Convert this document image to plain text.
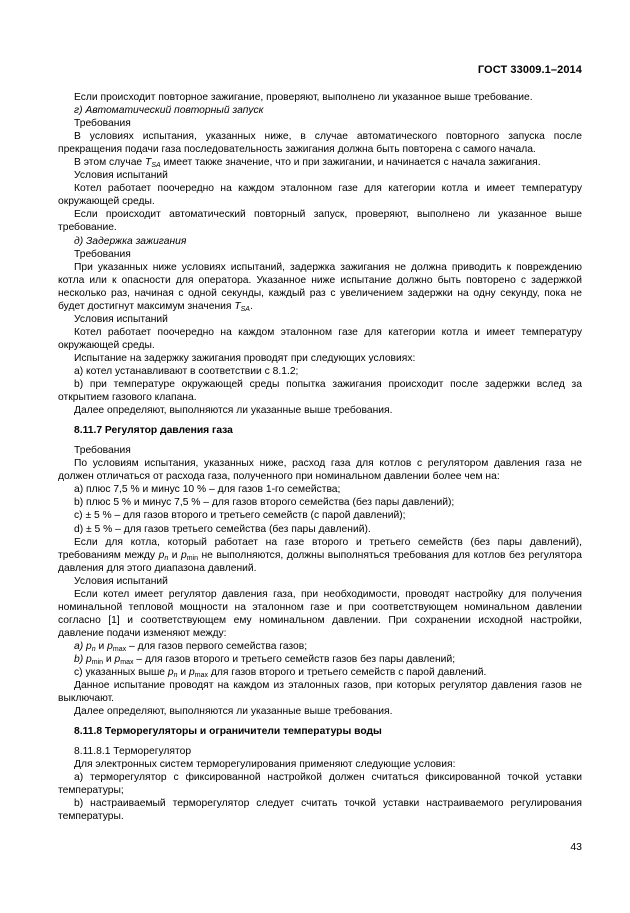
ГОСТ 33009.1–2014

Если происходит повторное зажигание, проверяют, выполнено ли указанное выше требование.

г) Автоматический повторный запуск

Требования

В условиях испытания, указанных ниже, в случае автоматического повторного запуска после прекращения подачи газа последовательность зажигания должна быть повторена с самого начала.

В этом случае $T_{SA}$ имеет также значение, что и при зажигании, и начинается с начала зажигания.

Условия испытаний

Котел работает поочередно на каждом эталонном газе для категории котла и имеет температуру окружающей среды.

Если происходит автоматический повторный запуск, проверяют, выполнено ли указанное выше требование.

д) Задержка зажигания

Требования

При указанных ниже условиях испытаний, задержка зажигания не должна приводить к повреждению котла или к опасности для оператора. Указанное ниже испытание должно быть повторено с задержкой несколько раз, начиная с одной секунды, каждый раз с увеличением задержки на одну секунду, пока не будет достигнут максимум значения $T_{SA}$.

Условия испытаний

Котел работает поочередно на каждом эталонном газе для категории котла и имеет температуру окружающей среды.

Испытание на задержку зажигания проводят при следующих условиях:

a) котел устанавливают в соответствии с 8.1.2;

b) при температуре окружающей среды попытка зажигания происходит после задержки вслед за открытием газового клапана.

Далее определяют, выполняются ли указанные выше требования.

8.11.7 Регулятор давления газа

Требования

По условиям испытания, указанных ниже, расход газа для котлов с регулятором давления газа не должен отличаться от расхода газа, полученного при номинальном давлении более чем на:

a) плюс 7,5 % и минус 10 % – для газов 1-го семейства;

b) плюс 5 % и минус 7,5 % – для газов второго семейства (без пары давлений);

c) ± 5 % – для газов второго и третьего семейств (с парой давлений);

d) ± 5 % – для газов третьего семейства (без пары давлений).

Если для котла, который работает на газе второго и третьего семейств (без пары давлений), требованиям между $p_n$ и $p_{min}$ не выполняются, должны выполняться требования для котлов без регулятора давления для этого диапазона давлений.

Условия испытаний

Если котел имеет регулятор давления газа, при необходимости, проводят настройку для получения номинальной тепловой мощности на эталонном газе и при соответствующем номинальном давлении согласно [1] и соответствующем ему номинальном давлении. При сохранении исходной настройки, давление подачи изменяют между:

a) $p_n$ и $p_{max}$ – для газов первого семейства газов;

b) $p_{min}$ и $p_{max}$ – для газов второго и третьего семейств газов без пары давлений;

c) указанных выше $p_n$ и $p_{max}$ для газов второго и третьего семейств с парой давлений.

Данное испытание проводят на каждом из эталонных газов, при которых регулятор давления газов не выключают.

Далее определяют, выполняются ли указанные выше требования.

8.11.8 Терморегуляторы и ограничители температуры воды

8.11.8.1 Терморегулятор

Для электронных систем терморегулирования применяют следующие условия:

a) терморегулятор с фиксированной настройкой должен считаться фиксированной точкой уставки температуры;

b) настраиваемый терморегулятор следует считать точкой уставки настраиваемого регулирования температуры.

43
